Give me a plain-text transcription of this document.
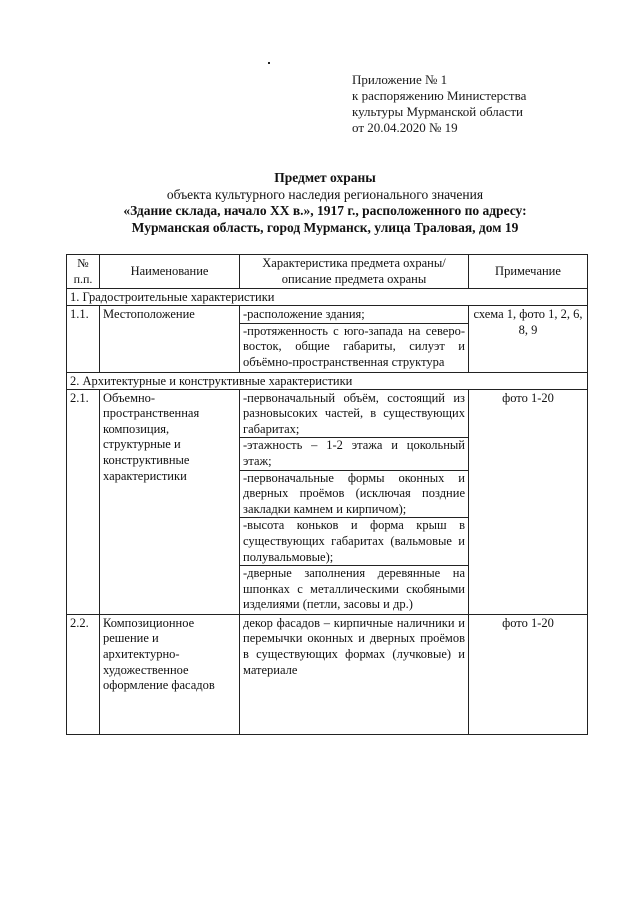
Приложение № 1
к распоряжению Министерства
культуры Мурманской области
от 20.04.2020 № 19
Предмет охраны
объекта культурного наследия регионального значения
«Здание склада, начало XX в.», 1917 г., расположенного по адресу:
Мурманская область, город Мурманск, улица Траловая, дом 19
№ п.п.	Наименование	Характеристика предмета охраны/описание предмета охраны	Примечание
1. Градостроительные характеристики			
1.1.	Местоположение	-расположение здания;
-протяженность с юго-запада на северо-восток, общие габариты, силуэт и объёмно-пространственная структура	схема 1, фото 1, 2, 6, 8, 9
2. Архитектурные и конструктивные характеристики			
2.1.	Объемно-пространственная композиция, структурные и конструктивные характеристики	-первоначальный объём, состоящий из разновысоких частей, в существующих габаритах;
-этажность – 1-2 этажа и цокольный этаж;
-первоначальные формы оконных и дверных проёмов (исключая поздние закладки камнем и кирпичом);
-высота коньков и форма крыш в существующих габаритах (вальмовые и полувальмовые);
-дверные заполнения деревянные на шпонках с металлическими скобяными изделиями (петли, засовы и др.)	фото 1-20
2.2.	Композиционное решение и архитектурно-художественное оформление фасадов	декор фасадов – кирпичные наличники и перемычки оконных и дверных проёмов в существующих формах (лучковые) и материале	фото 1-20
